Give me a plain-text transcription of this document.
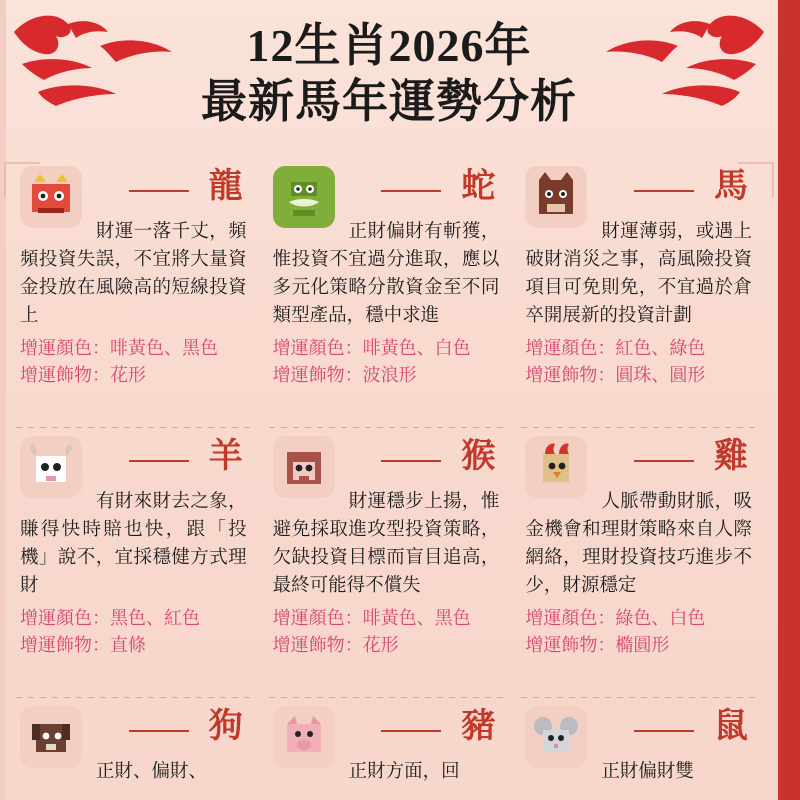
12生肖2026年
最新馬年運勢分析
龍
財運一落千丈，頻頻投資失誤，不宜將大量資金投放在風險高的短線投資上
增運顏色：啡黃色、黑色
增運飾物：花形
蛇
正財偏財有斬獲，惟投資不宜過分進取，應以多元化策略分散資金至不同類型產品，穩中求進
增運顏色：啡黃色、白色
增運飾物：波浪形
馬
財運薄弱，或遇上破財消災之事，高風險投資項目可免則免，不宜過於倉卒開展新的投資計劃
增運顏色：紅色、綠色
增運飾物：圓珠、圓形
羊
有財來財去之象，賺得快時賠也快，跟「投機」說不，宜採穩健方式理財
增運顏色：黑色、紅色
增運飾物：直條
猴
財運穩步上揚，惟避免採取進攻型投資策略，欠缺投資目標而盲目追高，最終可能得不償失
增運顏色：啡黃色、黑色
增運飾物：花形
雞
人脈帶動財脈，吸金機會和理財策略來自人際網絡，理財投資技巧進步不少，財源穩定
增運顏色：綠色、白色
增運飾物：橢圓形
狗
正財、偏財、
豬
正財方面，回
鼠
正財偏財雙
